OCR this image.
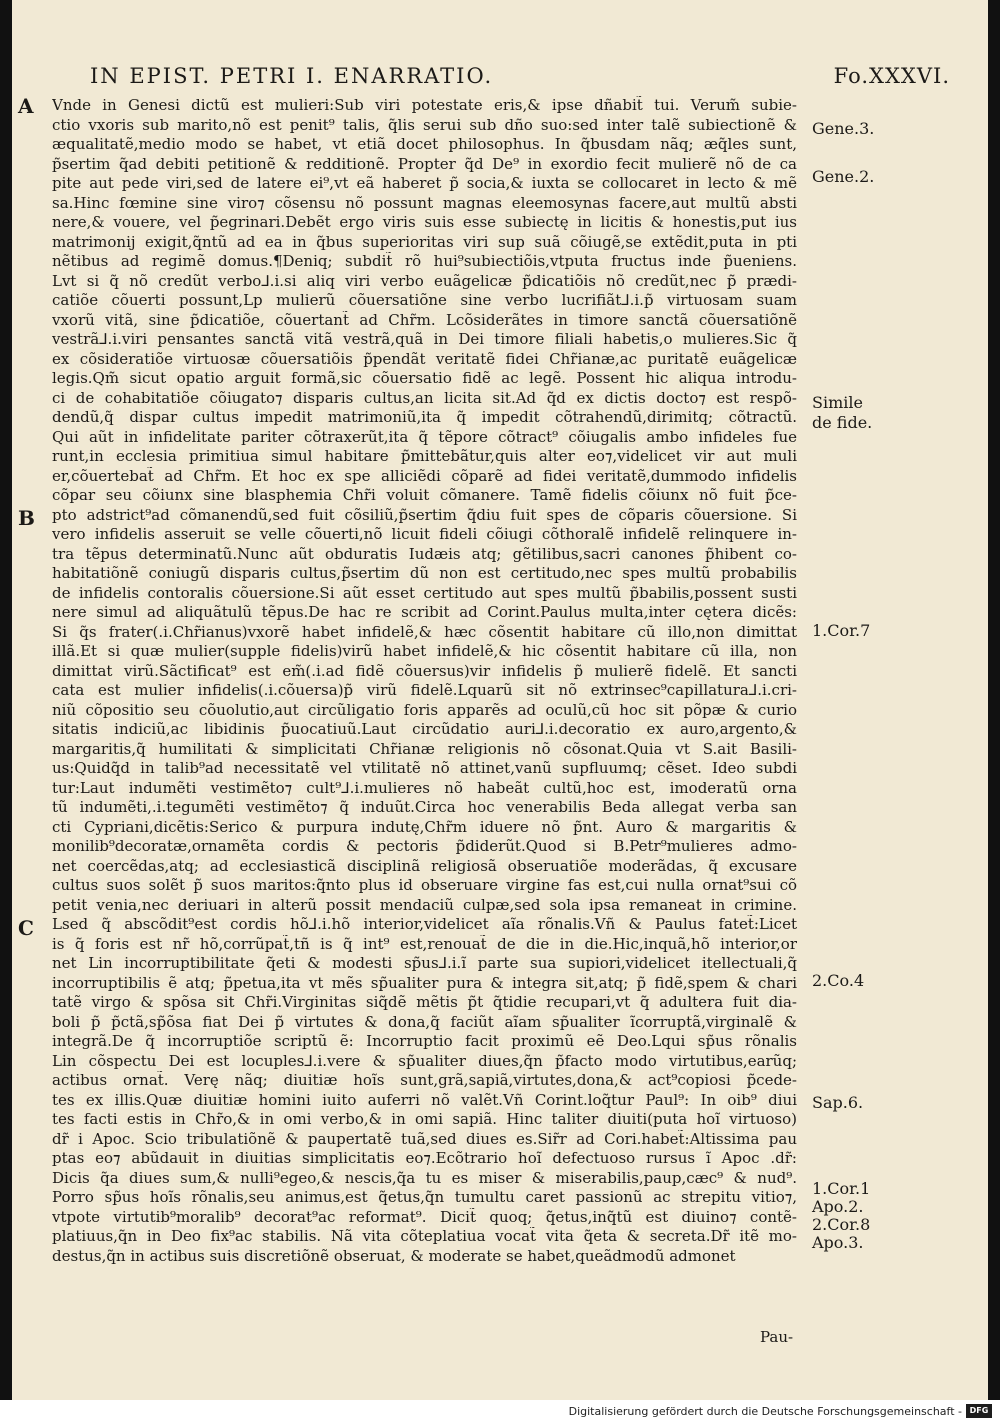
IN EPIST. PETRI I. ENARRATIO.	Fo.XXXVI.
A
B
C
Vnde in Genesi dictũ est mulieri:Sub viri potestate eris,& ipse dñabit̃ tui. Verum̃ subie-
ctio vxoris sub marito,nõ est penit⁹ talis, q̃lis serui sub dño suo:sed inter talẽ subiectionẽ &
æqualitatẽ,medio modo se habet, vt etiã docet philosophus. In q̃busdam nãq; æq̃les sunt,
p̃sertim q̃ad debiti petitionẽ & redditionẽ. Propter q̃d De⁹ in exordio fecit mulierẽ nõ de ca
pite aut pede viri,sed de latere ei⁹,vt eã haberet p̃ socia,& iuxta se collocaret in lecto & mẽ
sa.Hinc fœmine sine viro⁊ cõsensu nõ possunt magnas eleemosynas facere,aut multũ absti
nere,& vouere, vel p̃egrinari.Debẽt ergo viris suis esse subiectę in licitis & honestis,put ius
matrimonij exigit,q̃ntũ ad ea in q̃bus superioritas viri sup suã cõiugẽ,se extẽdit,puta in pti
nẽtibus ad regimẽ domus.¶Deniq; subdit̃ rõ hui⁹subiectiõis,vtputa fructus inde p̃ueniens.
Lvt si q̃ nõ credũt verbo⅃.i.si aliq viri verbo euãgelicæ p̃dicatiõis nõ credũt,nec p̃ prædi-
catiõe cõuerti possunt,Lp mulierũ cõuersatiõne sine verbo lucrifiãt⅃.i.p̃ virtuosam suam
vxorũ vitã, sine p̃dicatiõe, cõuertant̃ ad Chr̃m. Lcõsiderãtes in timore sanctã cõuersatiõnẽ
vestrã⅃.i.viri pensantes sanctã vitã vestrã,quã in Dei timore filiali habetis,o mulieres.Sic q̃
ex cõsideratiõe virtuosæ cõuersatiõis p̃pendãt veritatẽ fidei Chr̃ianæ,ac puritatẽ euãgelicæ
legis.Qm̃ sicut opatio arguit formã,sic cõuersatio fidẽ ac legẽ. Possent hic aliqua introdu-
ci de cohabitatiõe cõiugato⁊ disparis cultus,an licita sit.Ad q̃d ex dictis docto⁊ est respõ-
dendũ,q̃ dispar cultus impedit matrimoniũ,ita q̃ impedit cõtrahendũ,dirimitq; cõtractũ.
Qui aũt in infidelitate pariter cõtraxerũt,ita q̃ tẽpore cõtract⁹ cõiugalis ambo infideles fue
runt,in ecclesia primitiua simul habitare p̃mittebãtur,quis alter eo⁊,videlicet vir aut muli
er,cõuertebat̃ ad Chr̃m. Et hoc ex spe alliciẽdi cõparẽ ad fidei veritatẽ,dummodo infidelis
cõpar seu cõiunx sine blasphemia Chr̃i voluit cõmanere. Tamẽ fidelis cõiunx nõ fuit p̃ce-
pto adstrict⁹ad cõmanendũ,sed fuit cõsiliũ,p̃sertim q̃diu fuit spes de cõparis cõuersione. Si
vero infidelis asseruit se velle cõuerti,nõ licuit fideli cõiugi cõthoralẽ infidelẽ relinquere in-
tra tẽpus determinatũ.Nunc aũt obduratis Iudæis atq; gẽtilibus,sacri canones p̃hibent co-
habitatiõnẽ coniugũ disparis cultus,p̃sertim dũ non est certitudo,nec spes multũ probabilis
de infidelis contoralis cõuersione.Si aũt esset certitudo aut spes multũ p̃babilis,possent susti
nere simul ad aliquãtulũ tẽpus.De hac re scribit ad Corint.Paulus multa,inter cętera dicẽs:
Si q̃s frater(.i.Chr̃ianus)vxorẽ habet infidelẽ,& hæc cõsentit habitare cũ illo,non dimittat
illã.Et si quæ mulier(supple fidelis)virũ habet infidelẽ,& hic cõsentit habitare cũ illa, non
dimittat virũ.Sãctificat⁹ est em̃(.i.ad fidẽ cõuersus)vir infidelis p̃ mulierẽ fidelẽ. Et sancti
cata est mulier infidelis(.i.cõuersa)p̃ virũ fidelẽ.Lquarũ sit nõ extrinsec⁹capillatura⅃.i.cri-
niũ cõpositio seu cõuolutio,aut circũligatio foris apparẽs ad oculũ,cũ hoc sit põpæ & curio
sitatis indiciũ,ac libidinis p̃uocatiuũ.Laut circũdatio auri⅃.i.decoratio ex auro,argento,&
margaritis,q̃ humilitati & simplicitati Chr̃ianæ religionis nõ cõsonat.Quia vt S.ait Basili-
us:Quidq̃d in talib⁹ad necessitatẽ vel vtilitatẽ nõ attinet,vanũ supfluumq; cẽset. Ideo subdi
tur:Laut indumẽti vestimẽto⁊ cult⁹⅃.i.mulieres nõ habeãt cultũ,hoc est, imoderatũ orna
tũ indumẽti,.i.tegumẽti vestimẽto⁊ q̃ induũt.Circa hoc venerabilis Beda allegat verba san
cti Cypriani,dicẽtis:Serico & purpura indutę,Chr̃m iduere nõ p̃nt. Auro & margaritis &
monilib⁹decoratæ,ornamẽta cordis & pectoris p̃diderũt.Quod si B.Petr⁹mulieres admo-
net coercẽdas,atq; ad ecclesiasticã disciplinã religiosã obseruatiõe moderãdas, q̃ excusare
cultus suos solẽt p̃ suos maritos:q̃nto plus id obseruare virgine fas est,cui nulla ornat⁹sui cõ
petit venia,nec deriuari in alterũ possit mendaciũ culpæ,sed sola ipsa remaneat in crimine.
Lsed q̃ abscõdit⁹est cordis hõ⅃.i.hõ interior,videlicet aĩa rõnalis.Vñ & Paulus fatet̃:Licet
is q̃ foris est nr̃ hõ,corrũpat̃,tñ is q̃ int⁹ est,renouat̃ de die in die.Hic,inquã,hõ interior,or
net Lin incorruptibilitate q̃eti & modesti sp̃us⅃.i.ĩ parte sua supiori,videlicet itellectuali,q̃
incorruptibilis ẽ atq; p̃petua,ita vt mẽs sp̃ualiter pura & integra sit,atq; p̃ fidẽ,spem & chari
tatẽ virgo & spõsa sit Chr̃i.Virginitas siq̃dẽ mẽtis p̃t q̃tidie recupari,vt q̃ adultera fuit dia-
boli p̃ p̃ctã,sp̃õsa fiat Dei p̃ virtutes & dona,q̃ faciũt aĩam sp̃ualiter ĩcorruptã,virginalẽ &
integrã.De q̃ incorruptiõe scriptũ ẽ: Incorruptio facit proximũ eẽ Deo.Lqui sp̃us rõnalis
Lin cõspectu Dei est locuples⅃.i.vere & sp̃ualiter diues,q̃n p̃facto modo virtutibus,earũq;
actibus ornat̃. Verę nãq; diuitiæ hoĩs sunt,grã,sapiã,virtutes,dona,& act⁹copiosi p̃cede-
tes ex illis.Quæ diuitiæ homini iuito auferri nõ valẽt.Vñ Corint.loq̃tur Paul⁹: In oib⁹ diui
tes facti estis in Chr̃o,& in omi verbo,& in omi sapiã. Hinc taliter diuiti(puta hoĩ virtuoso)
dr̃ i Apoc. Scio tribulatiõnẽ & paupertatẽ tuã,sed diues es.Sir̃r ad Cori.habet̃:Altissima pau
ptas eo⁊ abũdauit in diuitias simplicitatis eo⁊.Ecõtrario hoĩ defectuoso rursus ĩ Apoc .dr̃:
Dicis q̃a diues sum,& nulli⁹egeo,& nescis,q̃a tu es miser & miserabilis,paup,cæc⁹ & nud⁹.
Porro sp̃us hoĩs rõnalis,seu animus,est q̃etus,q̃n tumultu caret passionũ ac strepitu vitio⁊,
vtpote virtutib⁹moralib⁹ decorat⁹ac reformat⁹. Dicit̃ quoq; q̃etus,inq̃tũ est diuino⁊ contẽ-
platiuus,q̃n in Deo fix⁹ac stabilis. Nã vita cõteplatiua vocat̃ vita q̃eta & secreta.Dr̃ itẽ mo-
destus,q̃n in actibus suis discretiõnẽ obseruat, & moderate se habet,queãdmodũ admonet
Gene.3.
Gene.2.
Simile
de fide.
1.Cor.7
2.Co.4
Sap.6.
1.Cor.1
Apo.2.
2.Cor.8
Apo.3.
Pau-
Digitalisierung gefördert durch die Deutsche Forschungsgemeinschaft - DFG
